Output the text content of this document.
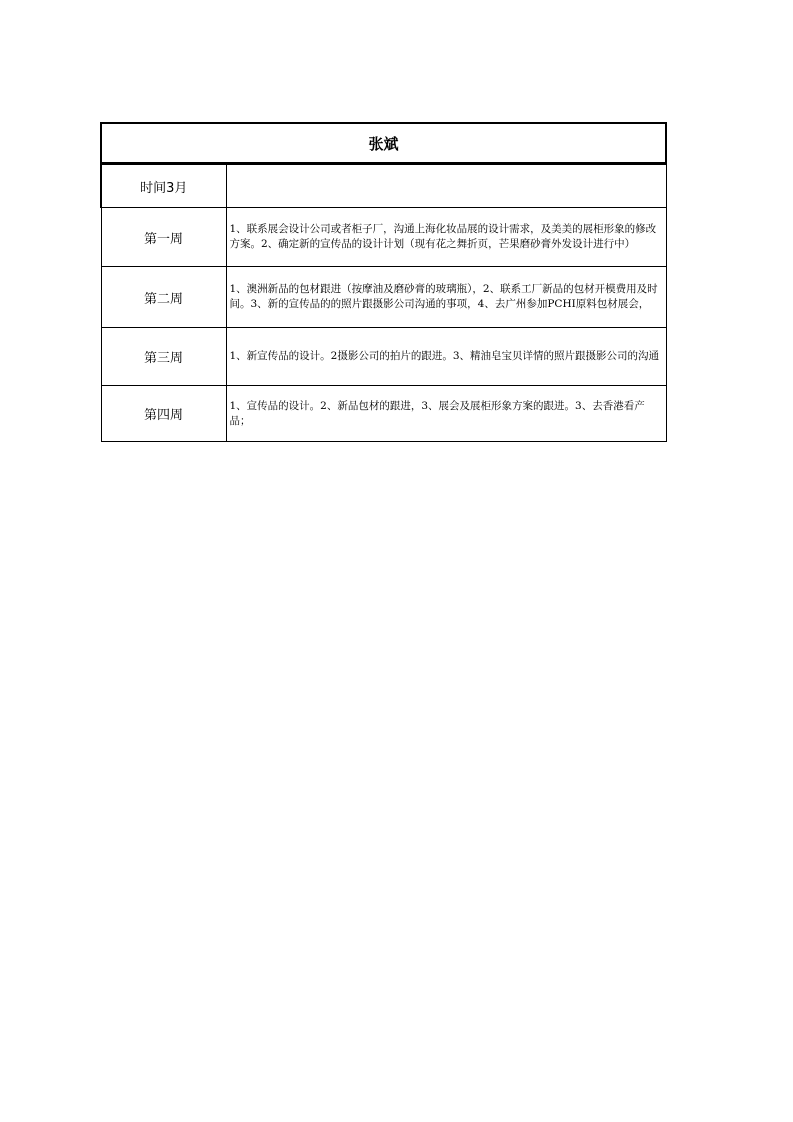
张斌
时间3月	
第一周	1、联系展会设计公司或者柜子厂，沟通上海化妆品展的设计需求，及美美的展柜形象的修改方案。2、确定新的宣传品的设计计划（现有花之舞折页，芒果磨砂膏外发设计进行中）
第二周	1、澳洲新品的包材跟进（按摩油及磨砂膏的玻璃瓶），2、联系工厂新品的包材开模费用及时间。3、新的宣传品的的照片跟摄影公司沟通的事项，4、去广州参加PCHI原料包材展会，
第三周	1、新宣传品的设计。2摄影公司的拍片的跟进。3、精油皂宝贝详情的照片跟摄影公司的沟通
第四周	1、宣传品的设计。2、新品包材的跟进，3、展会及展柜形象方案的跟进。3、去香港看产品；
